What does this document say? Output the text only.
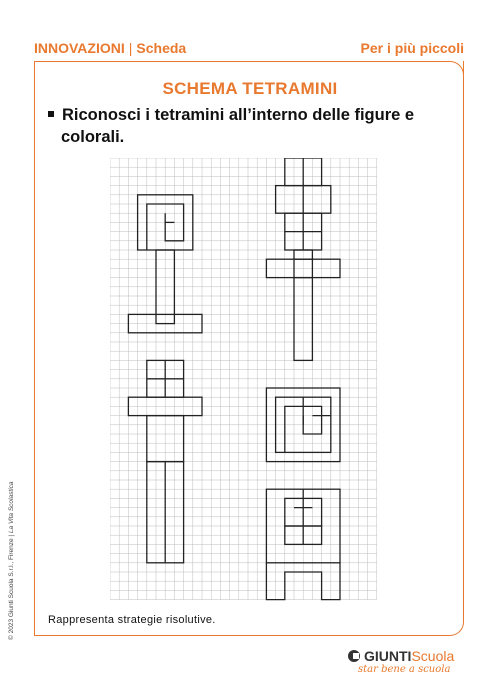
INNOVAZIONI | Scheda	Per i più piccoli
SCHEMA TETRAMINI
Riconosci i tetramini all’interno delle figure e
colorali.
Rappresenta strategie risolutive.
© 2023 Giunti Scuola S.r.l., Firenze | La Vita Scolastica
GIUNTI Scuola
star bene a scuola
